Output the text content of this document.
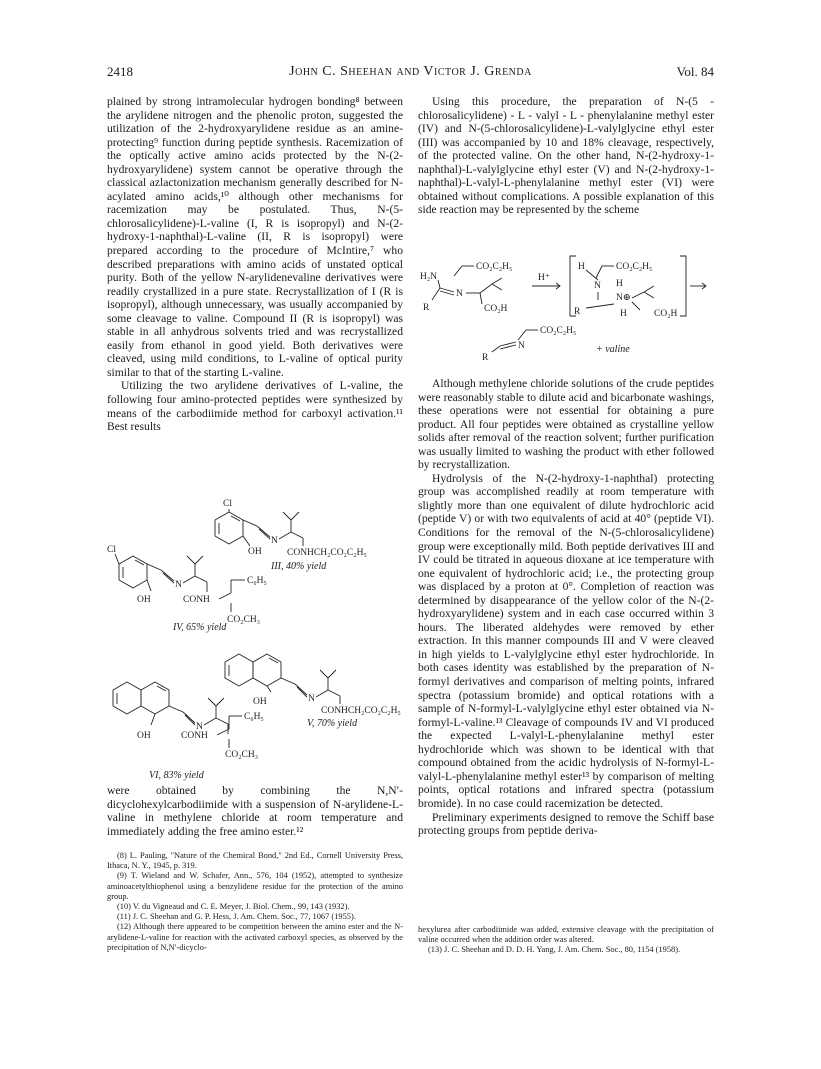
2418	John C. Sheehan and Victor J. Grenda	Vol. 84

plained by strong intramolecular hydrogen bonding⁸ between the arylidene nitrogen and the phenolic proton, suggested the utilization of the 2-hydroxyarylidene residue as an amine-protecting⁹ function during peptide synthesis. Racemization of the optically active amino acids protected by the N-(2-hydroxyarylidene) system cannot be operative through the classical azlactonization mechanism generally described for N-acylated amino acids,¹⁰ although other mechanisms for racemization may be postulated. Thus, N-(5-chlorosalicylidene)-L-valine (I, R is isopropyl) and N-(2-hydroxy-1-naphthal)-L-valine (II, R is isopropyl) were prepared according to the procedure of McIntire,⁷ who described preparations with amino acids of unstated optical purity. Both of the yellow N-arylidenevaline derivatives were readily crystallized in a pure state. Recrystallization of I (R is isopropyl), although unnecessary, was usually accompanied by some cleavage to valine. Compound II (R is isopropyl) was stable in all anhydrous solvents tried and was recrystallized easily from ethanol in good yield. Both derivatives were cleaved, using mild conditions, to L-valine of optical purity similar to that of the starting L-valine.

Utilizing the two arylidene derivatives of L-valine, the following four amino-protected peptides were synthesized by means of the carbodiimide method for carboxyl activation.¹¹ Best results

Cl
N
OH	CONHCH₂CO₂C₂H₅
III, 40% yield
Cl
N
OH	CONH
C₆H₅
CO₂CH₃
IV, 65% yield
N
OH
CONHCH₂CO₂C₂H₅
V, 70% yield
N
OH	CONH
C₆H₅
CO₂CH₃
VI, 83% yield

were obtained by combining the N,N′-dicyclohexylcarbodiimide with a suspension of N-arylidene-L-valine in methylene chloride at room temperature and immediately adding the free amino ester.¹²

(8) L. Pauling, "Nature of the Chemical Bond," 2nd Ed., Cornell University Press, Ithaca, N. Y., 1945, p. 319.

(9) T. Wieland and W. Schafer, Ann., 576, 104 (1952), attempted to synthesize aminoacetylthiophenol using a benzylidene residue for the protection of the amino group.

(10) V. du Vigneaud and C. E. Meyer, J. Biol. Chem., 99, 143 (1932).

(11) J. C. Sheehan and G. P. Hess, J. Am. Chem. Soc., 77, 1067 (1955).

(12) Although there appeared to be competition between the amino ester and the N-arylidene-L-valine for reaction with the activated carboxyl species, as observed by the precipitation of N,N′-dicyclo-

Using this procedure, the preparation of N-(5 - chlorosalicylidene) - L - valyl - L - phenylalanine methyl ester (IV) and N-(5-chlorosalicylidene)-L-valylglycine ethyl ester (III) was accompanied by 10 and 18% cleavage, respectively, of the protected valine. On the other hand, N-(2-hydroxy-1-naphthal)-L-valylglycine ethyl ester (V) and N-(2-hydroxy-1-naphthal)-L-valyl-L-phenylalanine methyl ester (VI) were obtained without complications. A possible explanation of this side reaction may be represented by the scheme

CO₂C₂H₅
H₂N
N
CO₂H
R
H⁺
H	CO₂C₂H₅
N H
N⊕
CO₂H
R	H
CO₂C₂H₅
N
R
+ valine

Although methylene chloride solutions of the crude peptides were reasonably stable to dilute acid and bicarbonate washings, these operations were not essential for obtaining a pure product. All four peptides were obtained as crystalline yellow solids after removal of the reaction solvent; further purification was usually limited to washing the product with ether followed by recrystallization.

Hydrolysis of the N-(2-hydroxy-1-naphthal) protecting group was accomplished readily at room temperature with slightly more than one equivalent of dilute hydrochloric acid (peptide V) or with two equivalents of acid at 40° (peptide VI). Conditions for the removal of the N-(5-chlorosalicylidene) group were exceptionally mild. Both peptide derivatives III and IV could be titrated in aqueous dioxane at ice temperature with one equivalent of hydrochloric acid; i.e., the protecting group was displaced by a proton at 0°. Completion of reaction was determined by disappearance of the yellow color of the N-(2-hydroxyarylidene) system and in each case occurred within 3 hours. The liberated aldehydes were removed by ether extraction. In this manner compounds III and V were cleaved in high yields to L-valylglycine ethyl ester hydrochloride. In both cases identity was established by the preparation of N-formyl derivatives and comparison of melting points, infrared spectra (potassium bromide) and optical rotations with a sample of N-formyl-L-valylglycine ethyl ester obtained via N-formyl-L-valine.¹³ Cleavage of compounds IV and VI produced the expected L-valyl-L-phenylalanine methyl ester hydrochloride which was shown to be identical with that compound obtained from the acidic hydrolysis of N-formyl-L-valyl-L-phenylalanine methyl ester¹³ by comparison of melting points, optical rotations and infrared spectra (potassium bromide). In no case could racemization be detected.

Preliminary experiments designed to remove the Schiff base protecting groups from peptide deriva-

hexylurea after carbodiimide was added, extensive cleavage with the precipitation of valine occurred when the addition order was altered.

(13) J. C. Sheehan and D. D. H. Yang, J. Am. Chem. Soc., 80, 1154 (1958).
